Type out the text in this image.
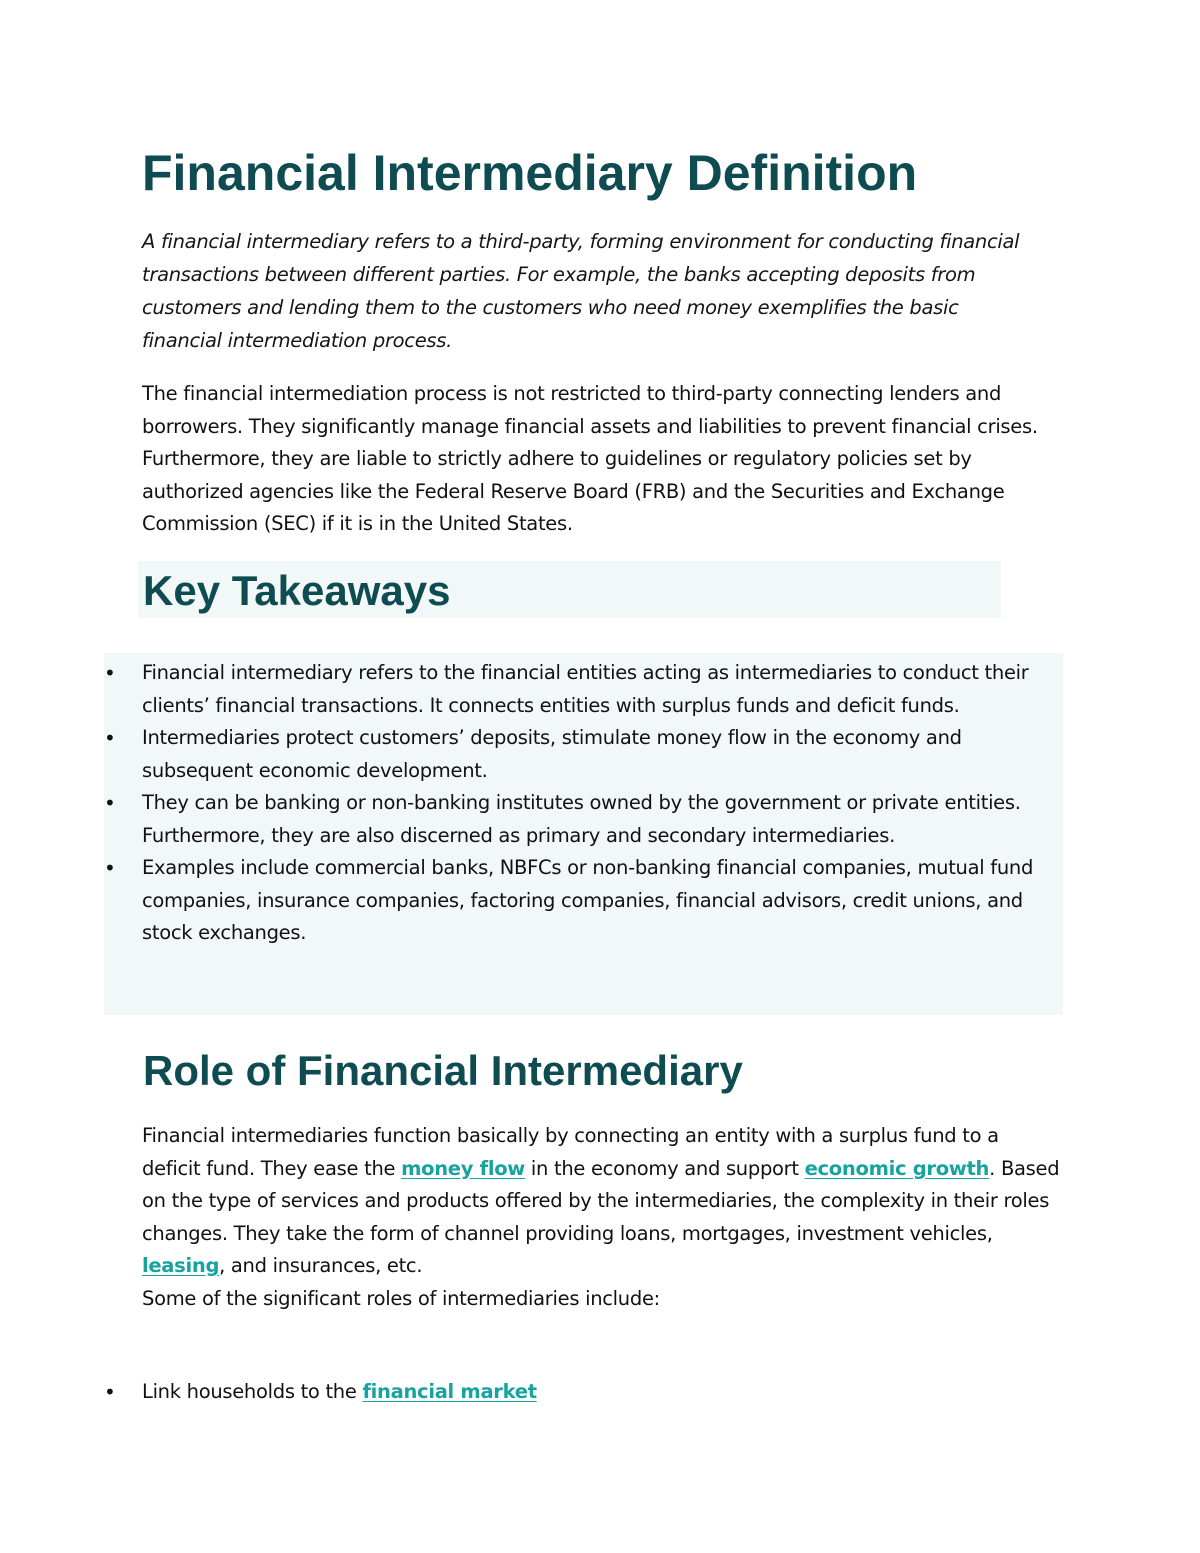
Financial Intermediary Definition

A financial intermediary refers to a third-party, forming environment for conducting financial transactions between different parties. For example, the banks accepting deposits from customers and lending them to the customers who need money exemplifies the basic financial intermediation process.

The financial intermediation process is not restricted to third-party connecting lenders and borrowers. They significantly manage financial assets and liabilities to prevent financial crises. Furthermore, they are liable to strictly adhere to guidelines or regulatory policies set by authorized agencies like the Federal Reserve Board (FRB) and the Securities and Exchange Commission (SEC) if it is in the United States.

Key Takeaways
• Financial intermediary refers to the financial entities acting as intermediaries to conduct their clients’ financial transactions. It connects entities with surplus funds and deficit funds.
• Intermediaries protect customers’ deposits, stimulate money flow in the economy and subsequent economic development.
• They can be banking or non-banking institutes owned by the government or private entities. Furthermore, they are also discerned as primary and secondary intermediaries.
• Examples include commercial banks, NBFCs or non-banking financial companies, mutual fund companies, insurance companies, factoring companies, financial advisors, credit unions, and stock exchanges.
Role of Financial Intermediary

Financial intermediaries function basically by connecting an entity with a surplus fund to a deficit fund. They ease the money flow in the economy and support economic growth. Based on the type of services and products offered by the intermediaries, the complexity in their roles changes. They take the form of channel providing loans, mortgages, investment vehicles, leasing, and insurances, etc.
Some of the significant roles of intermediaries include:

• Link households to the financial market
